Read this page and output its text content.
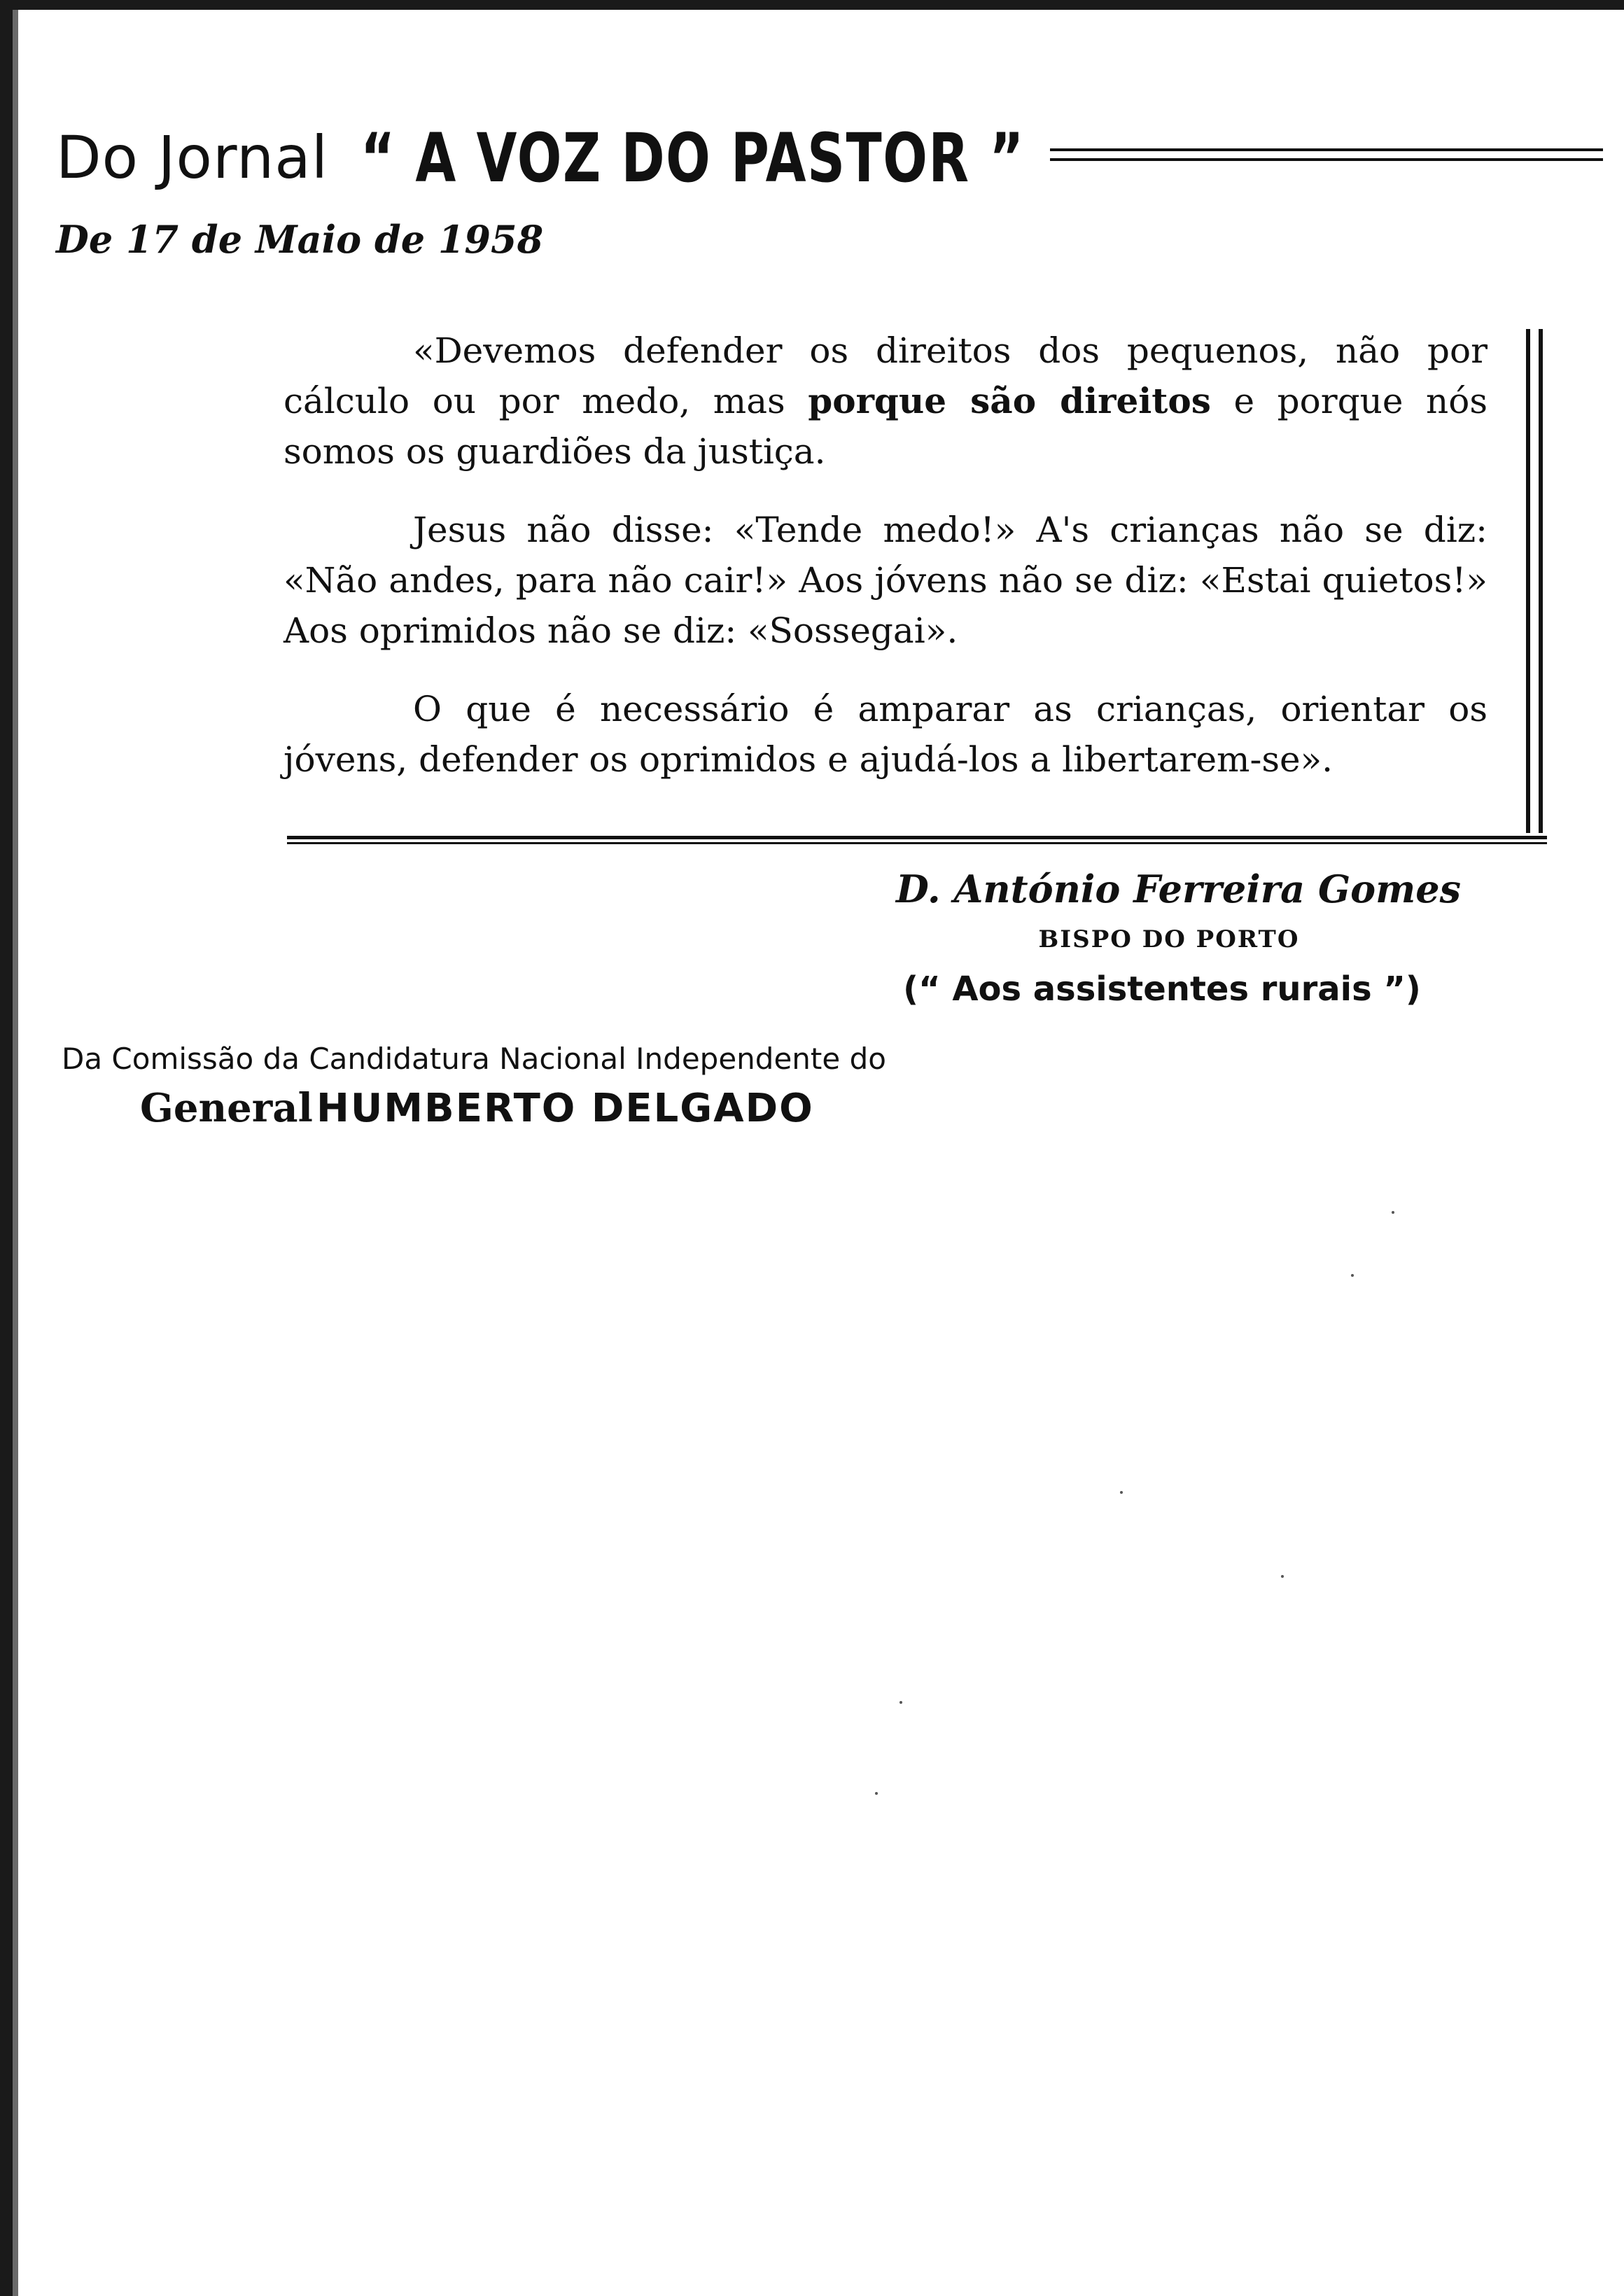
Do Jornal “ A VOZ DO PASTOR ”
De 17 de Maio de 1958

«Devemos defender os direitos dos pequenos, não por cálculo ou por medo, mas porque são direitos e porque nós somos os guardiões da justiça.

Jesus não disse: «Tende medo!» A's crianças não se diz: «Não andes, para não cair!» Aos jóvens não se diz: «Estai quietos!» Aos oprimidos não se diz: «Sossegai».

O que é necessário é amparar as crianças, orientar os jóvens, defender os oprimidos e ajudá-los a libertarem-se».

D. António Ferreira Gomes
BISPO DO PORTO
(“ Aos assistentes rurais ”)
Da Comissão da Candidatura Nacional Independente do
General HUMBERTO DELGADO
